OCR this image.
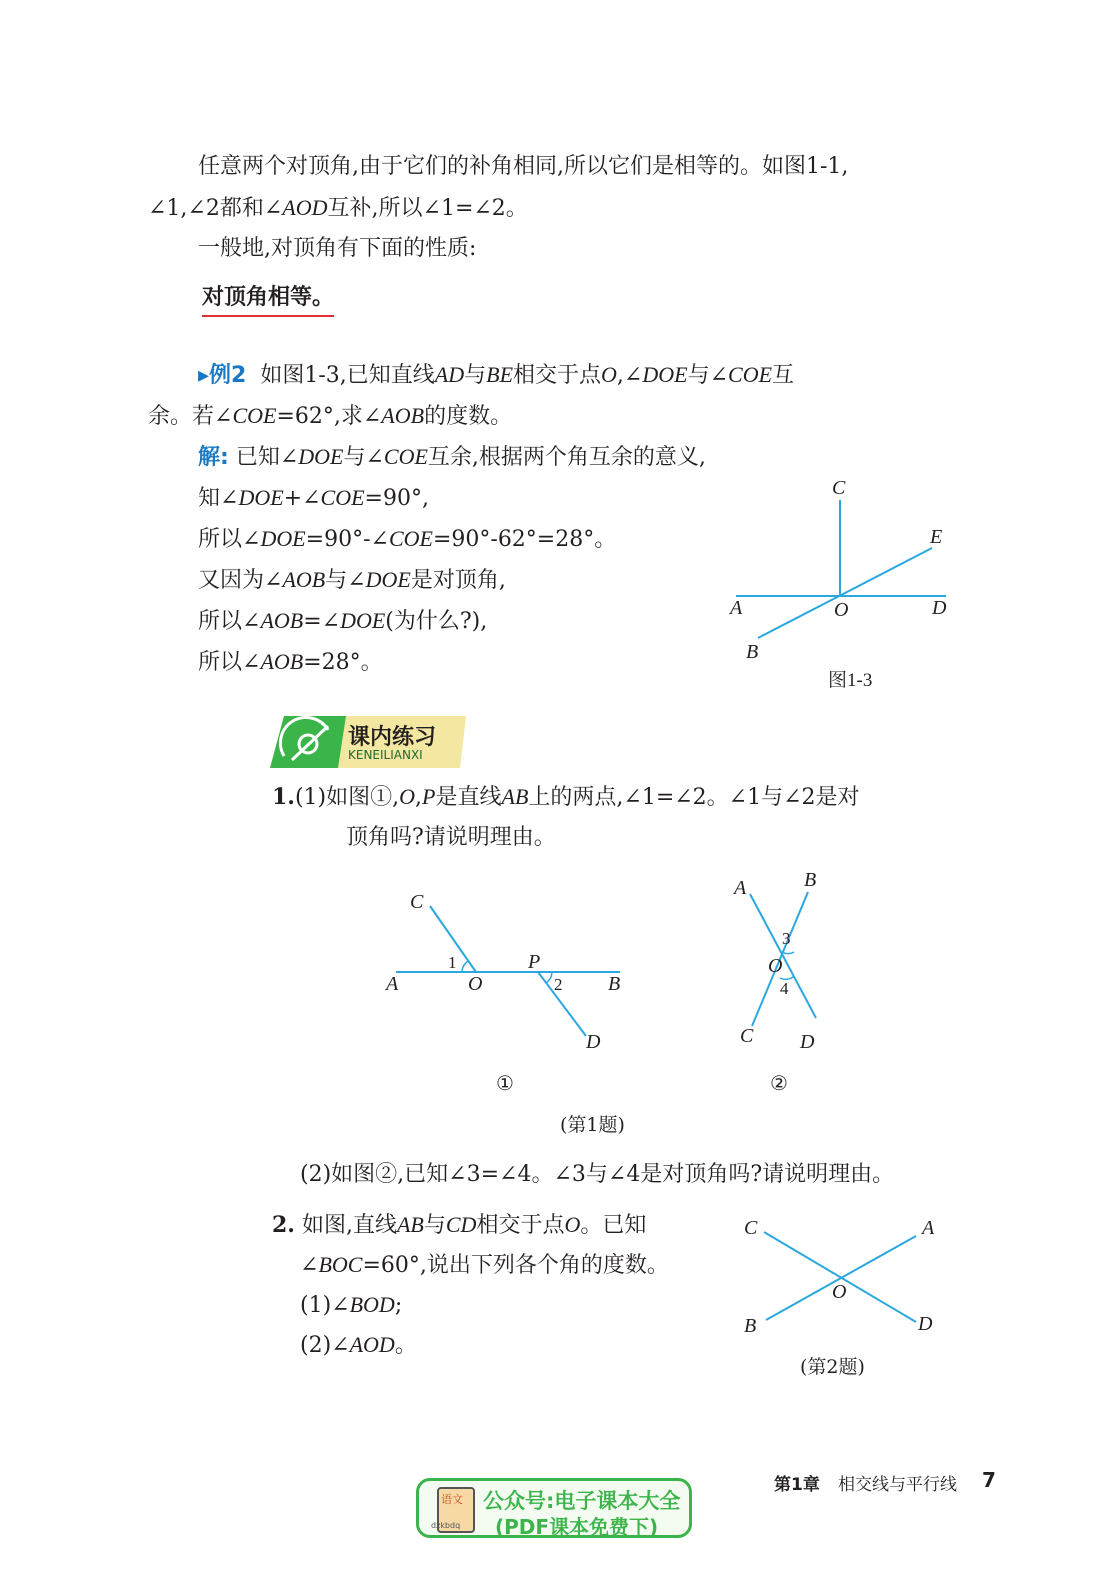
任意两个对顶角,由于它们的补角相同,所以它们是相等的。如图1-1,
∠1,∠2都和∠AOD互补,所以∠1=∠2。
一般地,对顶角有下面的性质:
对顶角相等。
▸例2 如图1-3,已知直线AD与BE相交于点O,∠DOE与∠COE互
余。若∠COE=62°,求∠AOB的度数。
解: 已知∠DOE与∠COE互余,根据两个角互余的意义,
知∠DOE+∠COE=90°,
所以∠DOE=90°-∠COE=90°-62°=28°。
又因为∠AOB与∠DOE是对顶角,
所以∠AOB=∠DOE(为什么?),
所以∠AOB=28°。
C
E
A	O	D
B
图1-3
课内练习
KENEILIANXI
1.(1)如图①,O,P是直线AB上的两点,∠1=∠2。∠1与∠2是对
顶角吗?请说明理由。
C
1	P
A	O	2 B
D
①
A	B
3
O
4
C D
②
(第1题)
(2)如图②,已知∠3=∠4。∠3与∠4是对顶角吗?请说明理由。
2. 如图,直线AB与CD相交于点O。已知
∠BOC=60°,说出下列各个角的度数。
(1)∠BOD;
(2)∠AOD。
C	A
O
B	D
(第2题)
语文
dzkbdq
公众号:电子课本大全
(PDF课本免费下)
第1章 相交线与平行线 7
